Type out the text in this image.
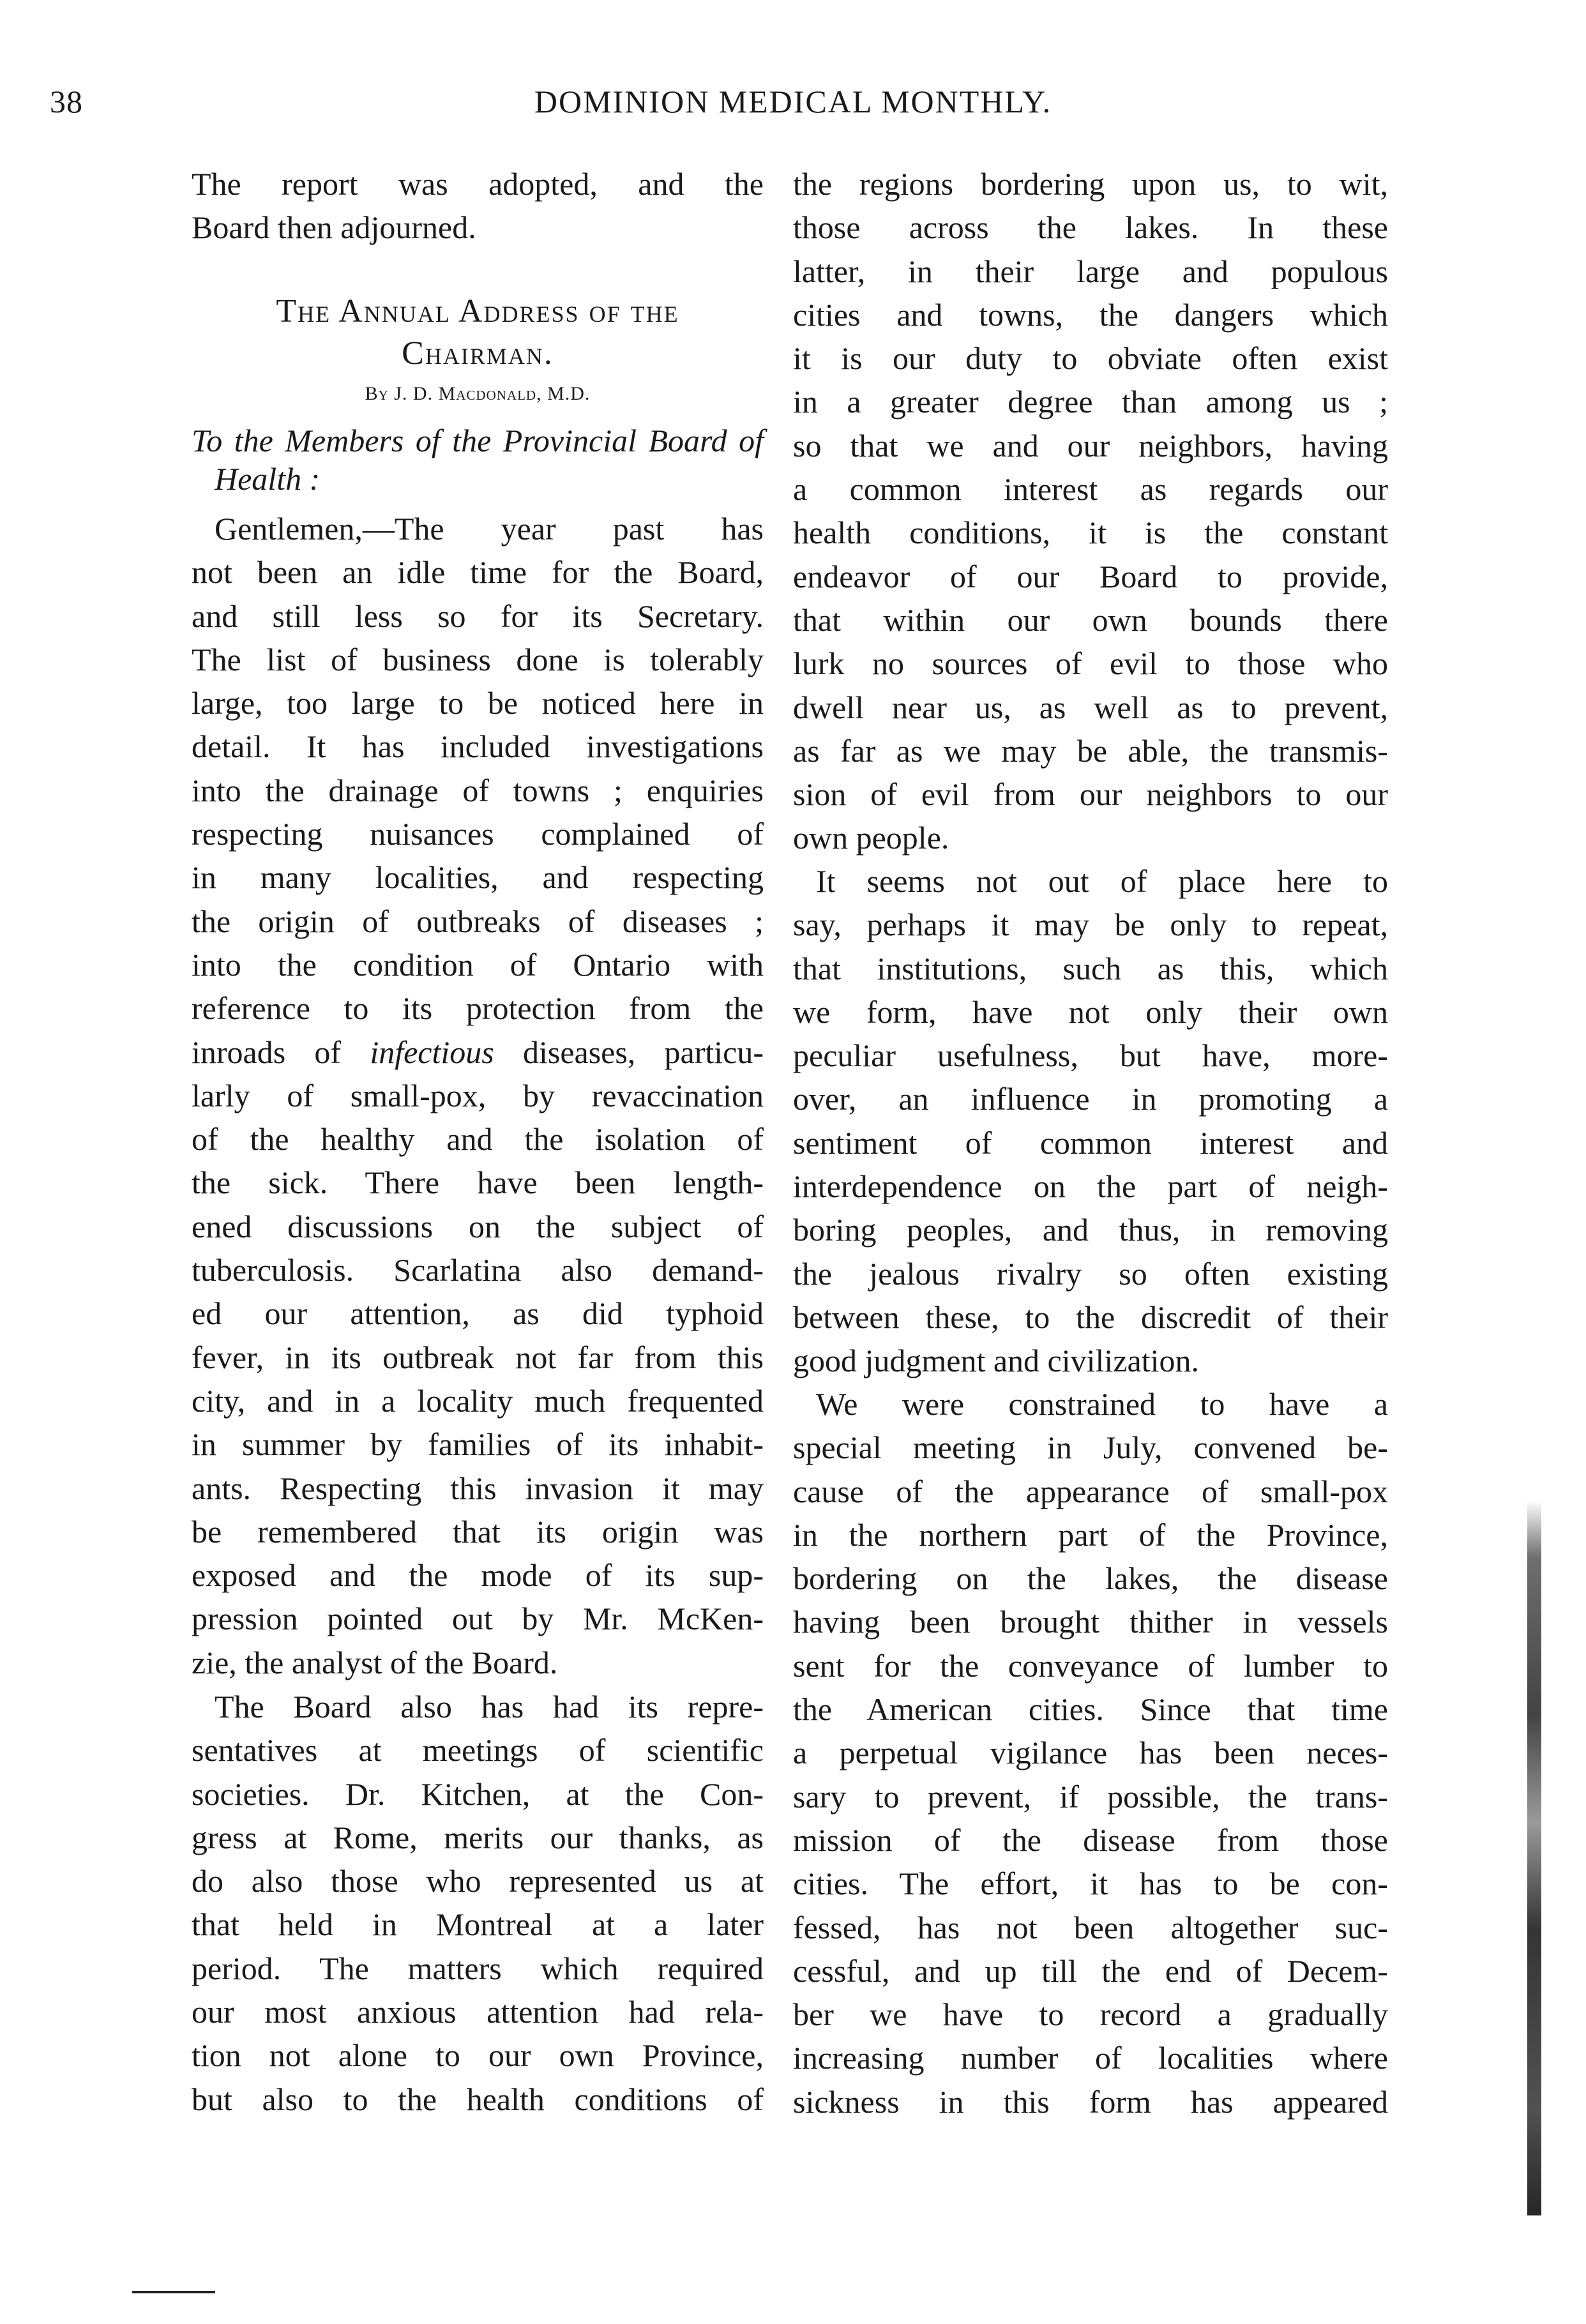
38	DOMINION MEDICAL MONTHLY.
The report was adopted, and the
Board then adjourned.
The Annual Address of the
Chairman.
By J. D. Macdonald, M.D.
To the Members of the Provincial Board of
Health :
Gentlemen,—The year past has
not been an idle time for the Board,
and still less so for its Secretary.
The list of business done is tolerably
large, too large to be noticed here in
detail. It has included investigations
into the drainage of towns ; enquiries
respecting nuisances complained of
in many localities, and respecting
the origin of outbreaks of diseases ;
into the condition of Ontario with
reference to its protection from the
inroads of infectious diseases, particu-
larly of small-pox, by revaccination
of the healthy and the isolation of
the sick. There have been length-
ened discussions on the subject of
tuberculosis. Scarlatina also demand-
ed our attention, as did typhoid
fever, in its outbreak not far from this
city, and in a locality much frequented
in summer by families of its inhabit-
ants. Respecting this invasion it may
be remembered that its origin was
exposed and the mode of its sup-
pression pointed out by Mr. McKen-
zie, the analyst of the Board.
The Board also has had its repre-
sentatives at meetings of scientific
societies. Dr. Kitchen, at the Con-
gress at Rome, merits our thanks, as
do also those who represented us at
that held in Montreal at a later
period. The matters which required
our most anxious attention had rela-
tion not alone to our own Province,
but also to the health conditions of
the regions bordering upon us, to wit,
those across the lakes. In these
latter, in their large and populous
cities and towns, the dangers which
it is our duty to obviate often exist
in a greater degree than among us ;
so that we and our neighbors, having
a common interest as regards our
health conditions, it is the constant
endeavor of our Board to provide,
that within our own bounds there
lurk no sources of evil to those who
dwell near us, as well as to prevent,
as far as we may be able, the transmis-
sion of evil from our neighbors to our
own people.
It seems not out of place here to
say, perhaps it may be only to repeat,
that institutions, such as this, which
we form, have not only their own
peculiar usefulness, but have, more-
over, an influence in promoting a
sentiment of common interest and
interdependence on the part of neigh-
boring peoples, and thus, in removing
the jealous rivalry so often existing
between these, to the discredit of their
good judgment and civilization.
We were constrained to have a
special meeting in July, convened be-
cause of the appearance of small-pox
in the northern part of the Province,
bordering on the lakes, the disease
having been brought thither in vessels
sent for the conveyance of lumber to
the American cities. Since that time
a perpetual vigilance has been neces-
sary to prevent, if possible, the trans-
mission of the disease from those
cities. The effort, it has to be con-
fessed, has not been altogether suc-
cessful, and up till the end of Decem-
ber we have to record a gradually
increasing number of localities where
sickness in this form has appeared
